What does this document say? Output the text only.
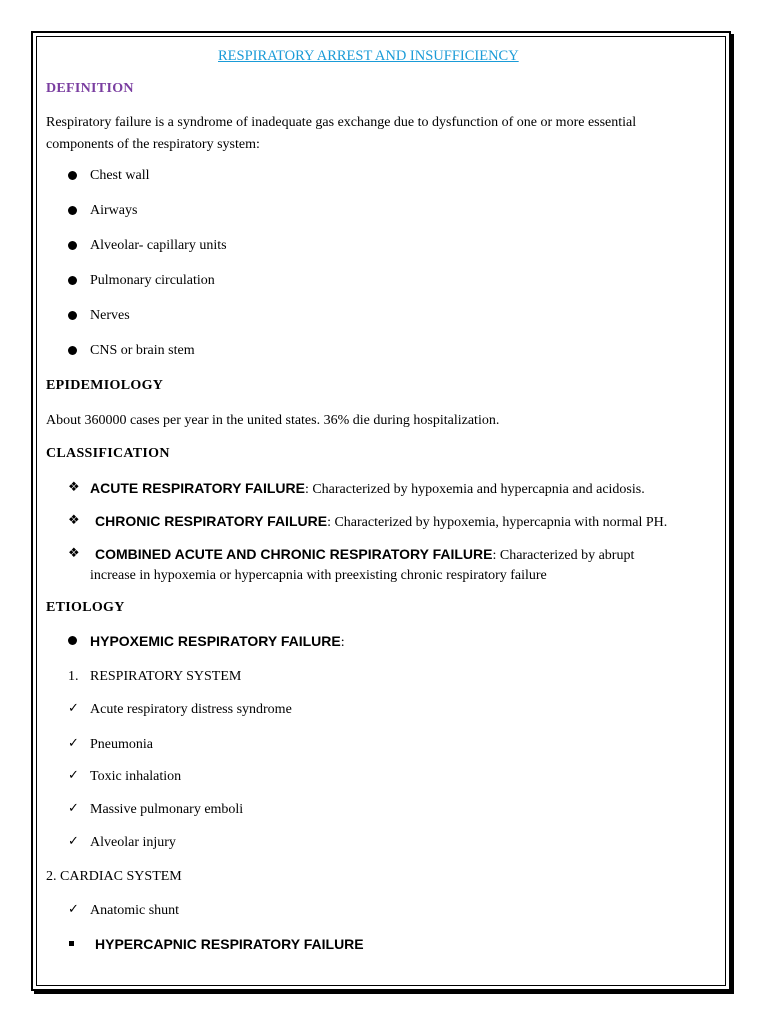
RESPIRATORY ARREST AND INSUFFICIENCY
DEFINITION
Respiratory failure is a syndrome of inadequate gas exchange due to dysfunction of one or more essential
components of the respiratory system:
Chest wall
Airways
Alveolar- capillary units
Pulmonary circulation
Nerves
CNS or brain stem
EPIDEMIOLOGY
About 360000 cases per year in the united states. 36% die during hospitalization.
CLASSIFICATION
❖ ACUTE RESPIRATORY FAILURE: Characterized by hypoxemia and hypercapnia and acidosis.
❖ CHRONIC RESPIRATORY FAILURE: Characterized by hypoxemia, hypercapnia with normal PH.
❖ COMBINED ACUTE AND CHRONIC RESPIRATORY FAILURE: Characterized by abrupt
increase in hypoxemia or hypercapnia with preexisting chronic respiratory failure
ETIOLOGY
HYPOXEMIC RESPIRATORY FAILURE:
1. RESPIRATORY SYSTEM
✓ Acute respiratory distress syndrome
✓ Pneumonia
✓ Toxic inhalation
✓ Massive pulmonary emboli
✓ Alveolar injury
2. CARDIAC SYSTEM
✓ Anatomic shunt
HYPERCAPNIC RESPIRATORY FAILURE
